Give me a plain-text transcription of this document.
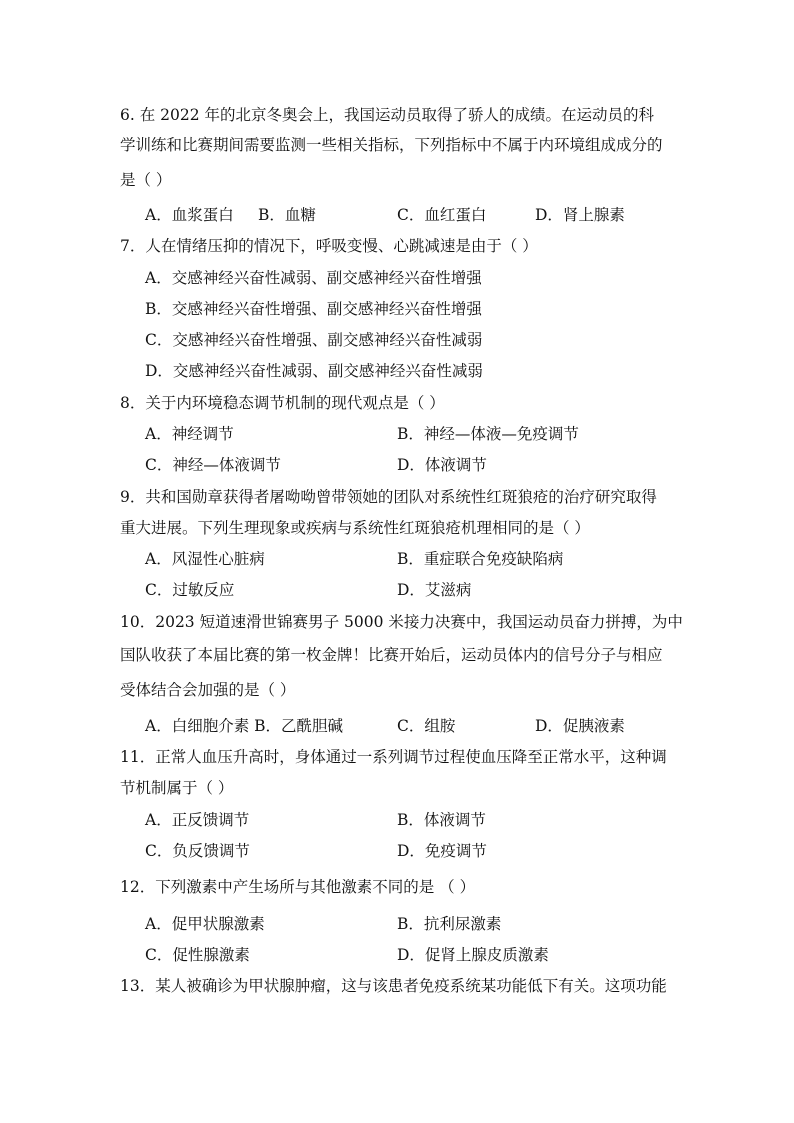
6. 在 2022 年的北京冬奥会上，我国运动员取得了骄人的成绩。在运动员的科
学训练和比赛期间需要监测一些相关指标，下列指标中不属于内环境组成成分的
是（ ）
A．血浆蛋白 B．血糖	C．血红蛋白	D．肾上腺素
7．人在情绪压抑的情况下，呼吸变慢、心跳减速是由于（ ）
A．交感神经兴奋性减弱、副交感神经兴奋性增强
B．交感神经兴奋性增强、副交感神经兴奋性增强
C．交感神经兴奋性增强、副交感神经兴奋性减弱
D．交感神经兴奋性减弱、副交感神经兴奋性减弱
8．关于内环境稳态调节机制的现代观点是（ ）
A．神经调节	B．神经—体液—免疫调节
C．神经—体液调节	D．体液调节
9．共和国勋章获得者屠呦呦曾带领她的团队对系统性红斑狼疮的治疗研究取得
重大进展。下列生理现象或疾病与系统性红斑狼疮机理相同的是（ ）
A．风湿性心脏病	B．重症联合免疫缺陷病
C．过敏反应	D．艾滋病
10．2023 短道速滑世锦赛男子 5000 米接力决赛中，我国运动员奋力拼搏，为中
国队收获了本届比赛的第一枚金牌！比赛开始后，运动员体内的信号分子与相应
受体结合会加强的是（ ）
A．白细胞介素 B．乙酰胆碱	C．组胺	D．促胰液素
11．正常人血压升高时，身体通过一系列调节过程使血压降至正常水平，这种调
节机制属于（ ）
A．正反馈调节	B．体液调节
C．负反馈调节	D．免疫调节
12．下列激素中产生场所与其他激素不同的是 （ ）
A．促甲状腺激素	B．抗利尿激素
C．促性腺激素	D．促肾上腺皮质激素
13．某人被确诊为甲状腺肿瘤，这与该患者免疫系统某功能低下有关。这项功能
